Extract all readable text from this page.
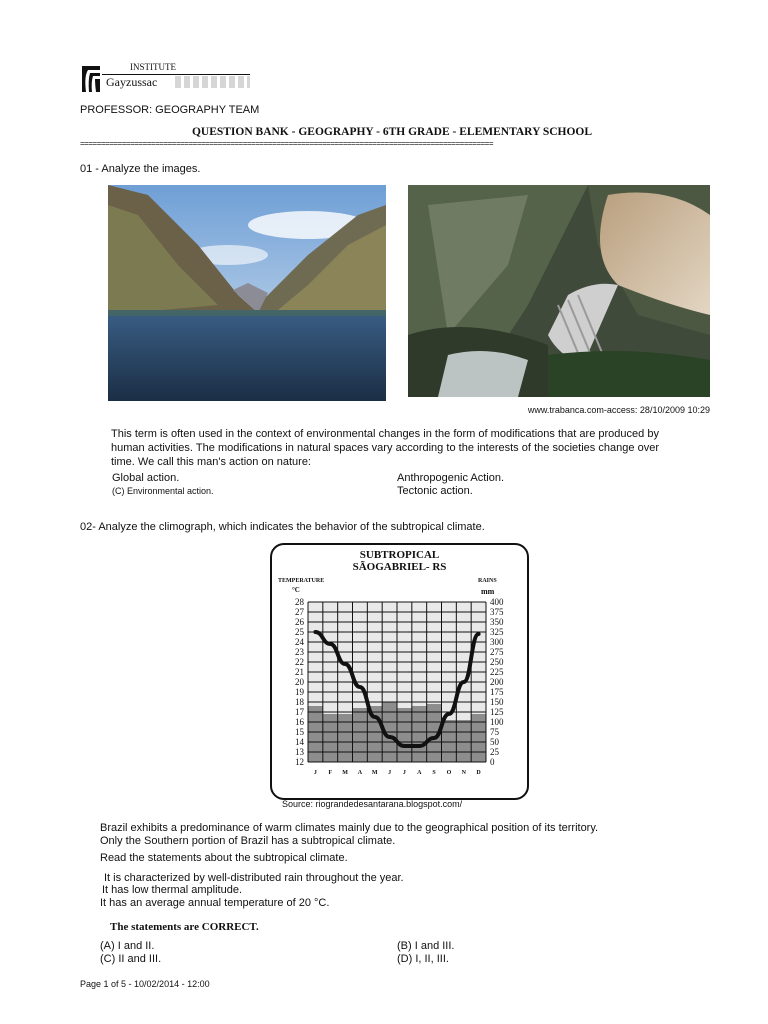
INSTITUTE
Gayzussac
PROFESSOR: GEOGRAPHY TEAM
QUESTION BANK - GEOGRAPHY - 6TH GRADE - ELEMENTARY SCHOOL
===================================================================================================
01 - Analyze the images.
www.trabanca.com-access: 28/10/2009 10:29
This term is often used in the context of environmental changes in the form of modifications that are produced by human activities. The modifications in natural spaces vary according to the interests of the societies change over time. We call this man's action on nature:
Global action.	Anthropogenic Action.
(C) Environmental action.	Tectonic action.
02- Analyze the climograph, which indicates the behavior of the subtropical climate.
SUBTROPICAL
SÃOGABRIEL- RS
TEMPERATURE
°C
RAINS
mm
28
27
26
25
24
23
22
21
20
19
18
17
16
15
14
13
12
400
375
350
325
300
275
250
225
200
175
150
125
100
75
50
25
0
J F M A M J J A S O N D
Source: riograndedesantarana.blogspot.com/
Brazil exhibits a predominance of warm climates mainly due to the geographical position of its territory.
Only the Southern portion of Brazil has a subtropical climate.
Read the statements about the subtropical climate.
It is characterized by well-distributed rain throughout the year.
It has low thermal amplitude.
It has an average annual temperature of 20 °C.
The statements are CORRECT.
(A) I and II.	(B) I and III.
(C) II and III.	(D) I, II, III.
Page 1 of 5 - 10/02/2014 - 12:00
